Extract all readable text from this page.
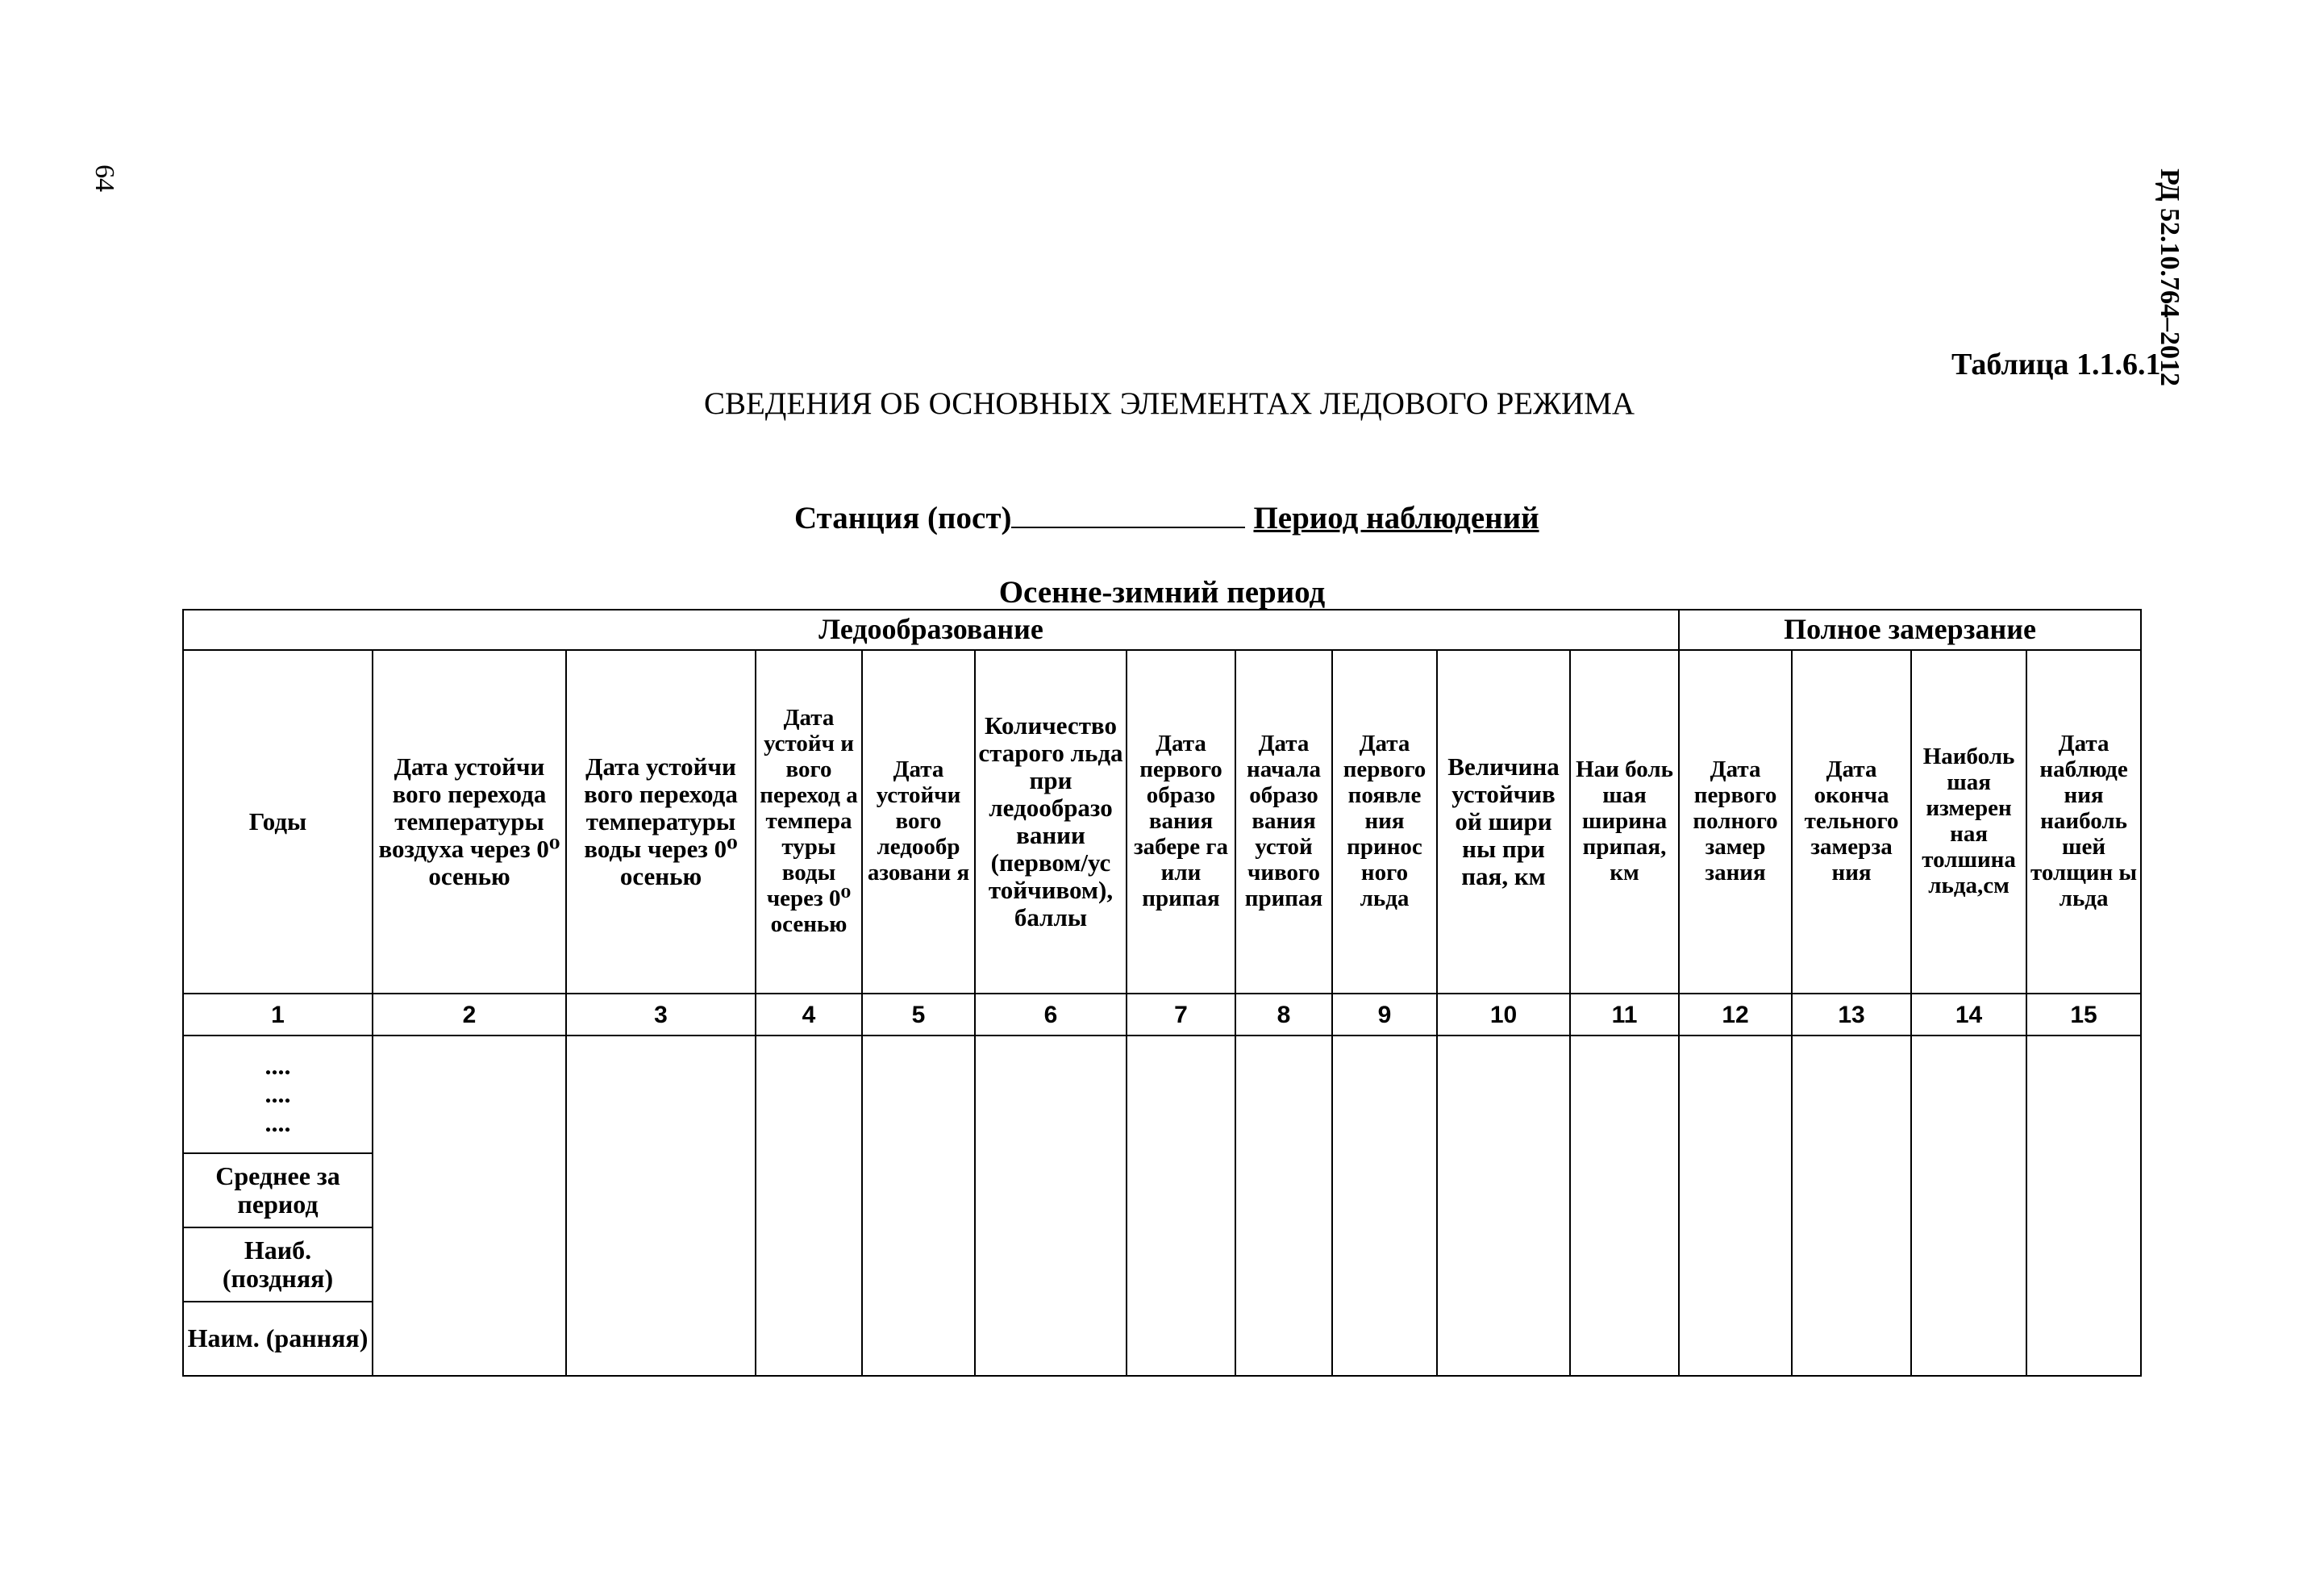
64	РД 52.10.764–2012
Таблица 1.1.6.1
СВЕДЕНИЯ ОБ ОСНОВНЫХ ЭЛЕМЕНТАХ ЛЕДОВОГО РЕЖИМА
Станция (пост)	Период наблюдений
Осенне-зимний период
Ледообразование											Полное замерзание			
Годы	Дата устойчи вого перехода температуры воздуха через 0⁰ осенью	Дата устойчи вого перехода температуры воды через 0⁰ осенью	Дата устойч и вого переход а темпера туры воды через 0⁰ осенью	Дата устойчи вого ледообр азовани я	Количество старого льда при ледообразо вании (первом/ус тойчивом), баллы	Дата первого образо вания забере га или припая	Дата начала образо вания устой чивого припая	Дата первого появле ния принос ного льда	Величина устойчив ой шири ны при пая, км	Наи боль шая ширина припая, км	Дата первого полного замер зания	Дата оконча тельного замерза ния	Наиболь шая измерен ная толшина льда,см	Дата наблюде ния наиболь шей толщин ы льда
1	2	3	4	5	6	7	8	9	10	11	12	13	14	15

....
....
....														

Среднее за период														
Наиб. (поздняя)														
Наим. (ранняя)														
